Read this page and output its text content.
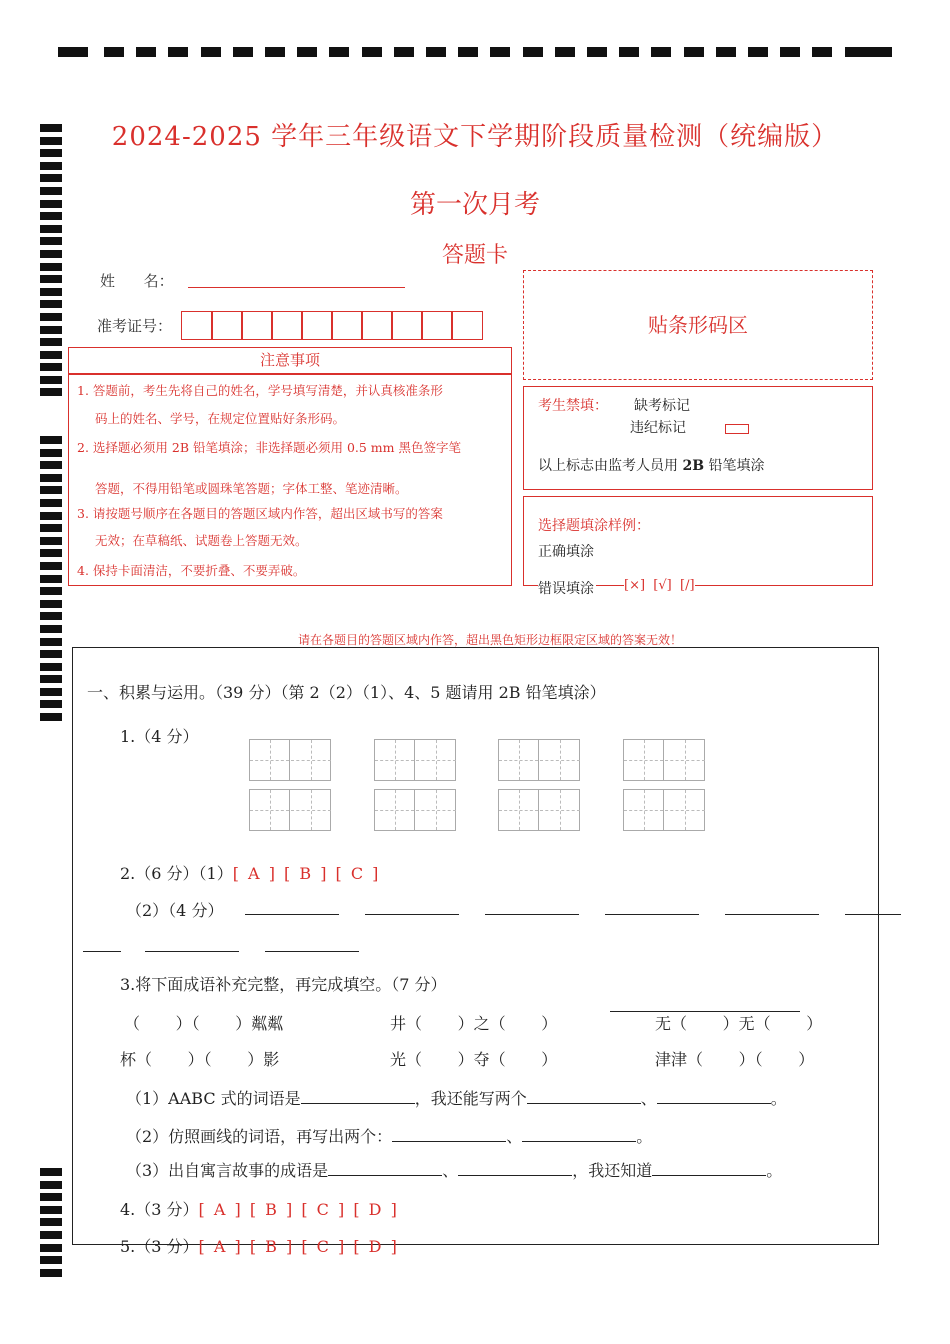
2024-2025 学年三年级语文下学期阶段质量检测（统编版）
第一次月考
答题卡
姓      名：
准考证号：	贴条形码区
注意事项
1. 答题前，考生先将自己的姓名，学号填写清楚，并认真核准条形
码上的姓名、学号，在规定位置贴好条形码。
2. 选择题必须用 2B 铅笔填涂；非选择题必须用 0.5 mm 黑色签字笔
答题，不得用铅笔或圆珠笔答题；字体工整、笔迹清晰。
3. 请按题号顺序在各题目的答题区域内作答，超出区域书写的答案
无效；在草稿纸、试题卷上答题无效。
4. 保持卡面清洁，不要折叠、不要弄破。
考生禁填： 缺考标记
违纪标记
以上标志由监考人员用 2B 铅笔填涂
选择题填涂样例：
正确填涂
错误填涂 [×]  [√]  [/]
请在各题目的答题区域内作答，超出黑色矩形边框限定区域的答案无效！
一、积累与运用。（39 分）（第 2（2）（1）、4、5 题请用 2B 铅笔填涂）
1.（4 分）
2.（6 分）（1）[ A ] [ B ] [ C ]
（2）（4 分）
3.将下面成语补充完整，再完成填空。（7 分）
（       ）（       ）粼粼	井（       ）之（       ）	无（       ）无（       ）
杯（       ）（       ）影	光（       ）夺（       ）	津津（       ）（       ）
（1）AABC 式的词语是	，我还能写两个	、	。
（2）仿照画线的词语，再写出两个：	、	。
（3）出自寓言故事的成语是	、	，我还知道	。
4.（3 分）[ A ] [ B ] [ C ] [ D ]
5.（3 分）[ A ] [ B ] [ C ] [ D ]
